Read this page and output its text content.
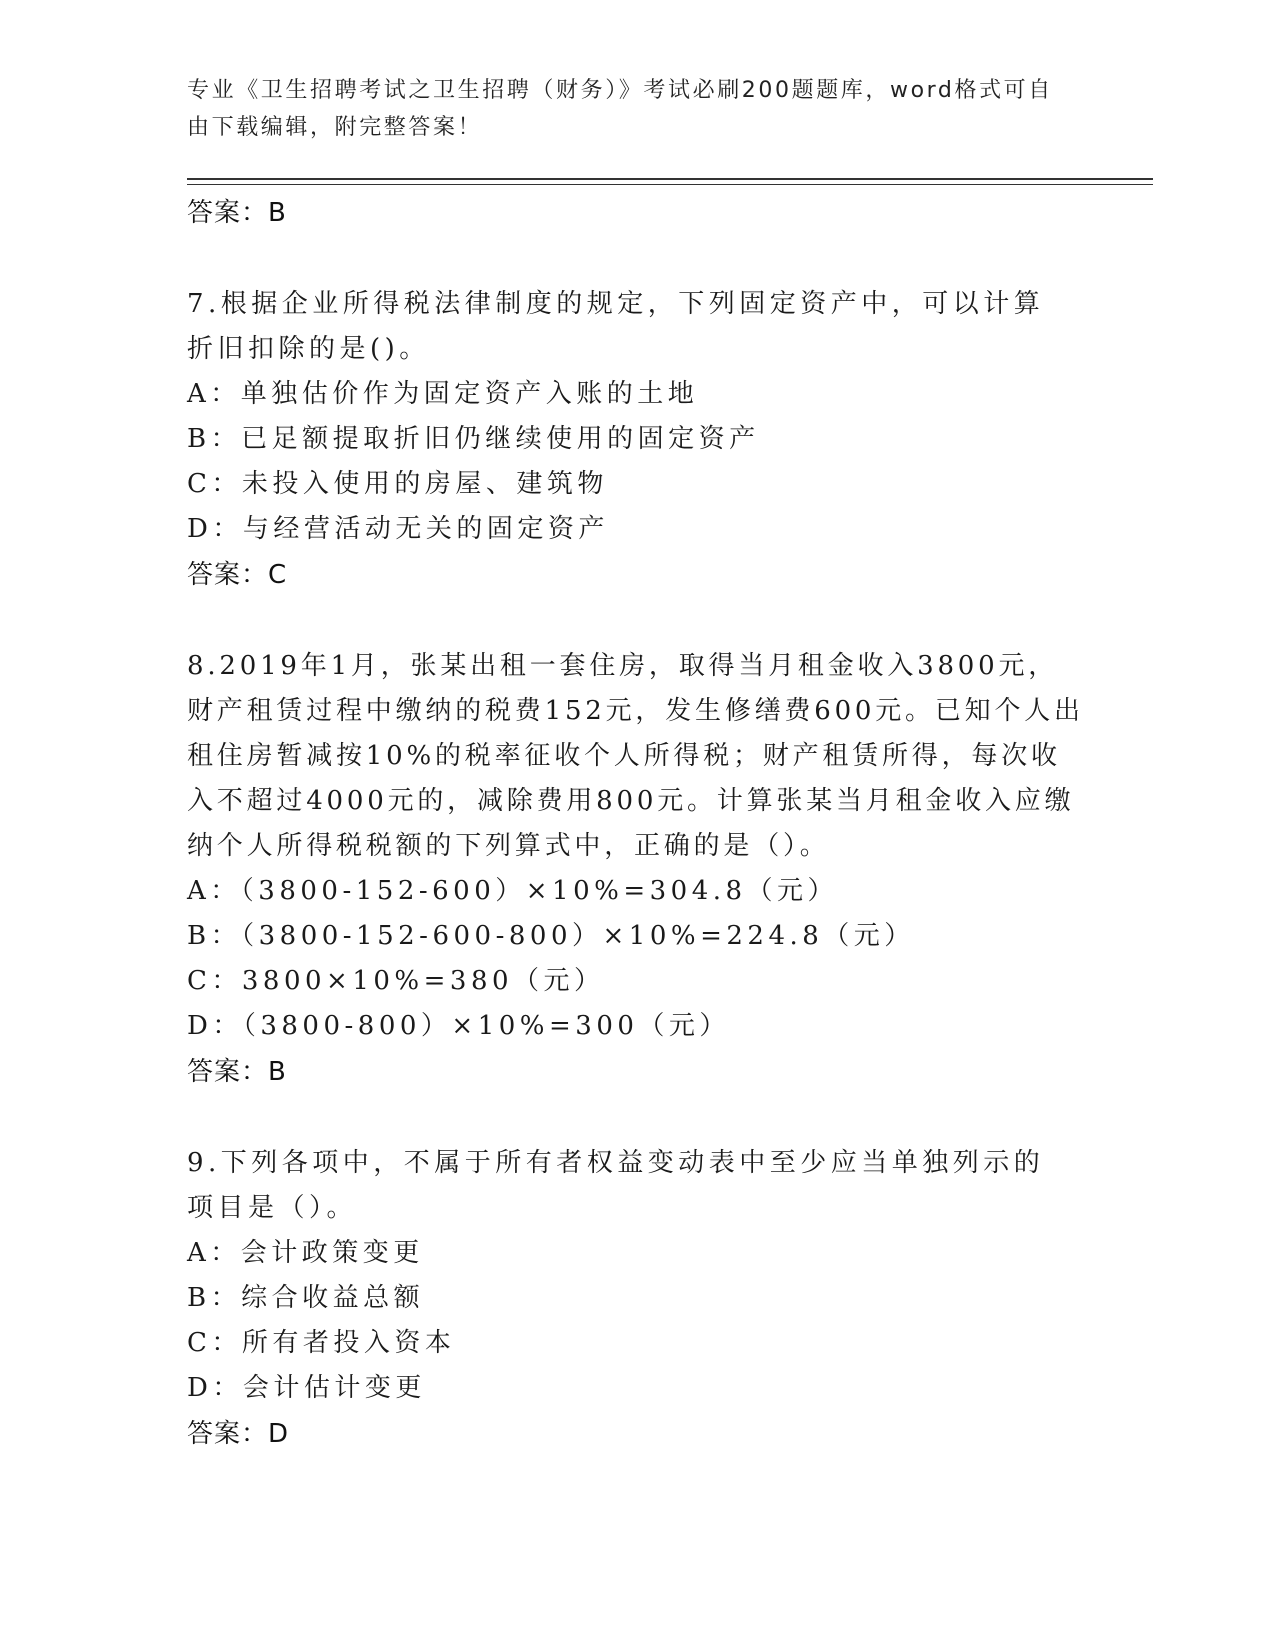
专业《卫生招聘考试之卫生招聘（财务）》考试必刷200题题库，word格式可自由下载编辑，附完整答案！
答案：B
7.根据企业所得税法律制度的规定，下列固定资产中，可以计算折旧扣除的是()。
A：单独估价作为固定资产入账的土地
B：已足额提取折旧仍继续使用的固定资产
C：未投入使用的房屋、建筑物
D：与经营活动无关的固定资产
答案：C
8.2019年1月，张某出租一套住房，取得当月租金收入3800元，财产租赁过程中缴纳的税费152元，发生修缮费600元。已知个人出租住房暂减按10%的税率征收个人所得税；财产租赁所得，每次收入不超过4000元的，减除费用800元。计算张某当月租金收入应缴纳个人所得税税额的下列算式中，正确的是（）。
A：（3800-152-600）×10%=304.8（元）
B：（3800-152-600-800）×10%=224.8（元）
C：3800×10%=380（元）
D：（3800-800）×10%=300（元）
答案：B
9.下列各项中，不属于所有者权益变动表中至少应当单独列示的项目是（）。
A：会计政策变更
B：综合收益总额
C：所有者投入资本
D：会计估计变更
答案：D
